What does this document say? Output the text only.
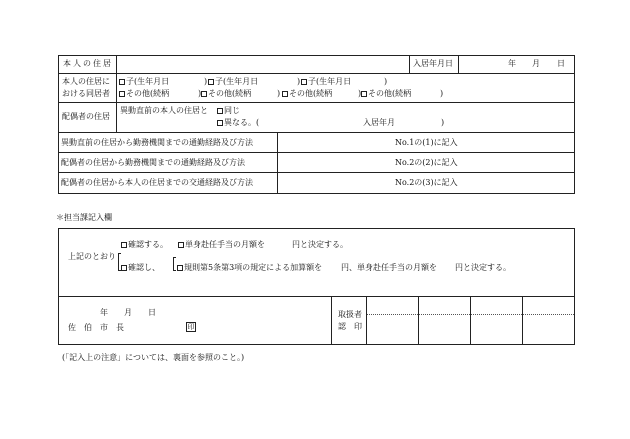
本人の住居	入居年月日	年 月 日
本人の住居に
おける同居者
子(生年月日	) 子(生年月日	) 子(生年月日	)
その他(続柄	) その他(続柄	)	その他(続柄	) その他(続柄	)
配偶者の住居
異動直前の本人の住居と	同じ
異なる。(	入居年月	)
異動直前の住居から勤務機関までの通勤経路及び方法	No.1の(1)に記入
配偶者の住居から勤務機関までの通勤経路及び方法	No.2の(2)に記入
配偶者の住居から本人の住居までの交通経路及び方法	No.2の(3)に記入
＊担当課記入欄
上記のとおり
確認する。	単身赴任手当の月額を	円と決定する。
確認し、	規則第5条第3項の規定による加算額を 円、単身赴任手当の月額を 円と決定する。
年 月 日
佐　伯　市　長	印
取扱者
認　印
(「記入上の注意」については、裏面を参照のこと。)
